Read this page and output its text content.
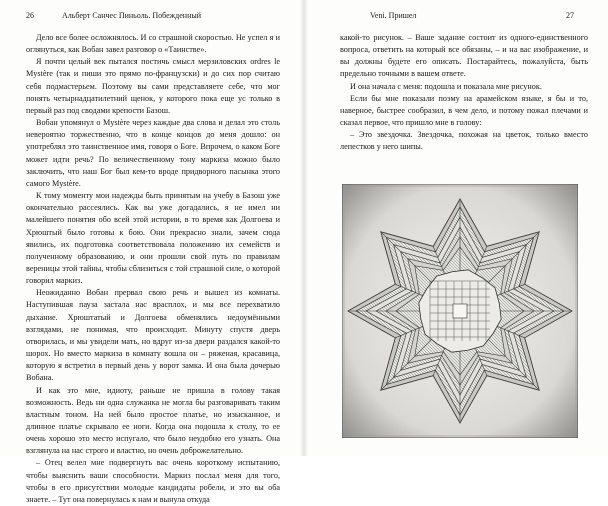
26	Альберт Санчес Пиньоль. Побежденный

Дело все более осложнялось. И со страшной скоростью. Не успел я и оглянуться, как Вобан завел разговор о «Таинстве».

Я почти целый век пытался постичь смысл мерзиловских ordres le Mystère (так и пиши это прямо по-французски) и до сих пор считаю себя подмастерьем. Поэтому вы сами представляете себе, что мог понять четырнадцатилетний щенок, у которого пока еще ус только в первый раз под сводами крепости Базош.

Вобан упомянул о Mystère через каждые два слова и делал это столь невероятно торжественно, что в конце концов до меня дошло: он употреблял это таинственное имя, говоря о Боге. Впрочем, о каком Боге может идти речь? По величественному тону маркиза можно было заключить, что наш Бог был кем-то вроде придворного пасынка этого самого Mystère.

К тому моменту мои надежды быть принятым на учебу в Базош уже окончательно рассеялись. Как вы уже догадались, я не имел ни малейшего понятия обо всей этой истории, в то время как Долгоева и Хрюштый было готовы к бою. Они прекрасно знали, зачем сюда явились, их подготовка соответствовала положению их семейств и полученному образованию, и они прошли свой путь по правилам вереницы этой тайны, чтобы сблизиться с той страшной силе, о которой говорил маркиз.

Неожиданно Вобан прервал свою речь и вышел из комнаты. Наступившая пауза застала нас врасплох, и мы все перехватило дыхание. Хрюштатый и Долгоева обменялись недоумёнными взглядами, не понимая, что происходит. Минуту спустя дверь отворилась, и мы увидели мать, но вдруг из-за двери раздался какой-то шорох. Но вместо маркиза в комнату вошла он – ряженая, красавица, которую я встретил в первый день у ворот замка. И она была дочерью Вобана.

И как это мне, идиоту, раньше не пришла в голову такая возможность. Ведь ни одна служанка не могла бы разговаривать таким властным тоном. На ней было простое платье, но изысканное, и длинное платье скрывало ее ноги. Когда она подошла к столу, то ее очень хорошо это место испугало, что было неудобно его узнать. Она взглянула на нас строго и властно, но очень доброжелательно.

– Отец велел мне подвергнуть вас очень короткому испытанию, чтобы выяснить ваши способности. Маркиз послал меня для того, чтобы в его присутствии молодые кандидаты робели, и это вы оба знаете. – Тут она повернулась к нам и вынула откуда

Veni. Пришел	27

какой-то рисунок. – Ваше задание состоит из одного-единственного вопроса, ответить на который все обязаны, – и на вас изображение, и вы должны будете его описать. Постарайтесь, пожалуйста, быть предельно точными в вашем ответе.

И она начала с меня: подошла и показала мне рисунок.

Если бы мне показали поэму на арамейском языке, я бы и то, наверное, быстрее сообразил, в чем дело, и потому пожал плечами и сказал первое, что пришло мне в голову:

– Это звездочка. Звездочка, похожая на цветок, только вместо лепестков у него шипы.
